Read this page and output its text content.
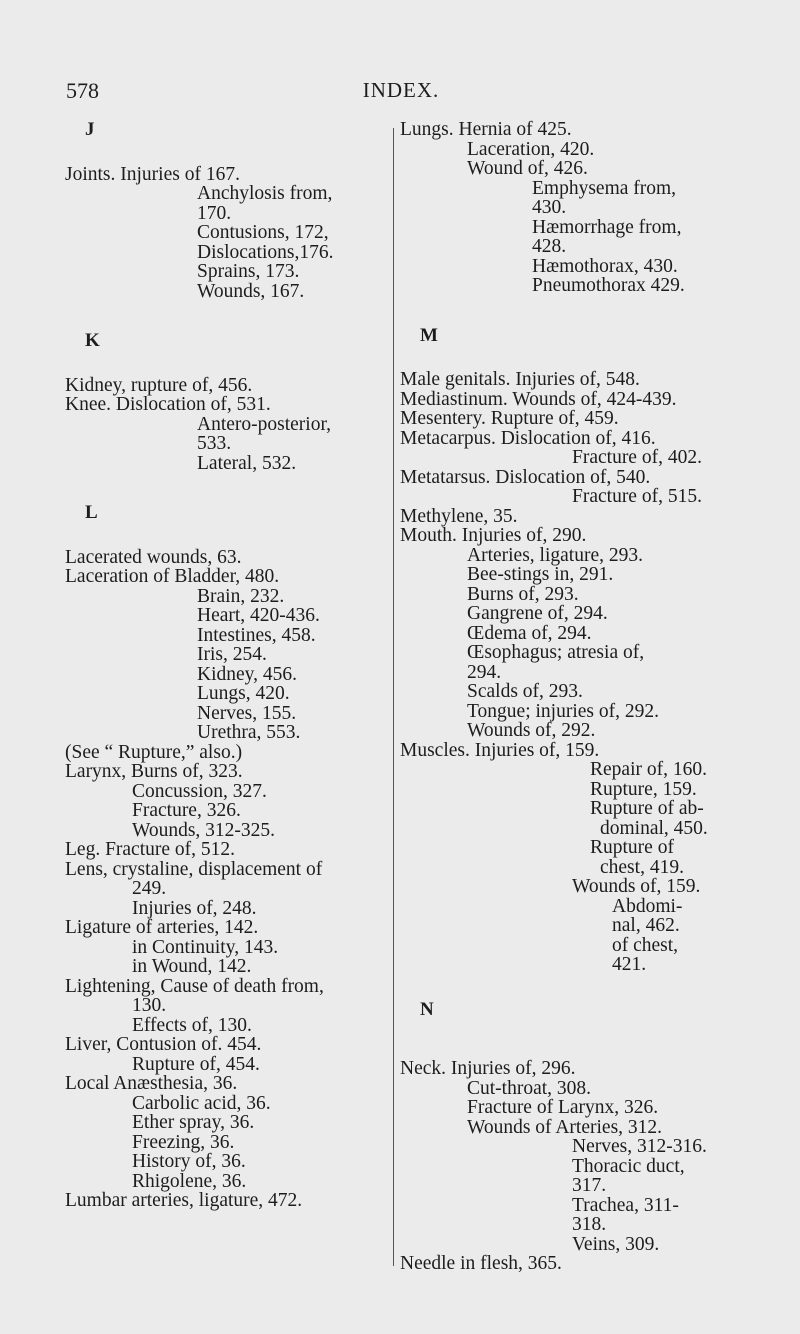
578	INDEX.
J
Joints. Injuries of 167.
Anchylosis from,
170.
Contusions, 172,
Dislocations,176.
Sprains, 173.
Wounds, 167.
K
Kidney, rupture of, 456.
Knee. Dislocation of, 531.
Antero-posterior,
533.
Lateral, 532.
L
Lacerated wounds, 63.
Laceration of Bladder, 480.
Brain, 232.
Heart, 420-436.
Intestines, 458.
Iris, 254.
Kidney, 456.
Lungs, 420.
Nerves, 155.
Urethra, 553.
(See “ Rupture,” also.)
Larynx, Burns of, 323.
Concussion, 327.
Fracture, 326.
Wounds, 312-325.
Leg. Fracture of, 512.
Lens, crystaline, displacement of
249.
Injuries of, 248.
Ligature of arteries, 142.
in Continuity, 143.
in Wound, 142.
Lightening, Cause of death from,
130.
Effects of, 130.
Liver, Contusion of. 454.
Rupture of, 454.
Local Anæsthesia, 36.
Carbolic acid, 36.
Ether spray, 36.
Freezing, 36.
History of, 36.
Rhigolene, 36.
Lumbar arteries, ligature, 472.
Lungs. Hernia of 425.
Laceration, 420.
Wound of, 426.
Emphysema from,
430.
Hæmorrhage from,
428.
Hæmothorax, 430.
Pneumothorax 429.
M
Male genitals. Injuries of, 548.
Mediastinum. Wounds of, 424-439.
Mesentery. Rupture of, 459.
Metacarpus. Dislocation of, 416.
Fracture of, 402.
Metatarsus. Dislocation of, 540.
Fracture of, 515.
Methylene, 35.
Mouth. Injuries of, 290.
Arteries, ligature, 293.
Bee-stings in, 291.
Burns of, 293.
Gangrene of, 294.
Œdema of, 294.
Œsophagus; atresia of,
294.
Scalds of, 293.
Tongue; injuries of, 292.
Wounds of, 292.
Muscles. Injuries of, 159.
Repair of, 160.
Rupture, 159.
Rupture of ab-
dominal, 450.
Rupture of
chest, 419.
Wounds of, 159.
Abdomi-
nal, 462.
of chest,
421.
N
Neck. Injuries of, 296.
Cut-throat, 308.
Fracture of Larynx, 326.
Wounds of Arteries, 312.
Nerves, 312-316.
Thoracic duct,
317.
Trachea, 311-
318.
Veins, 309.
Needle in flesh, 365.
